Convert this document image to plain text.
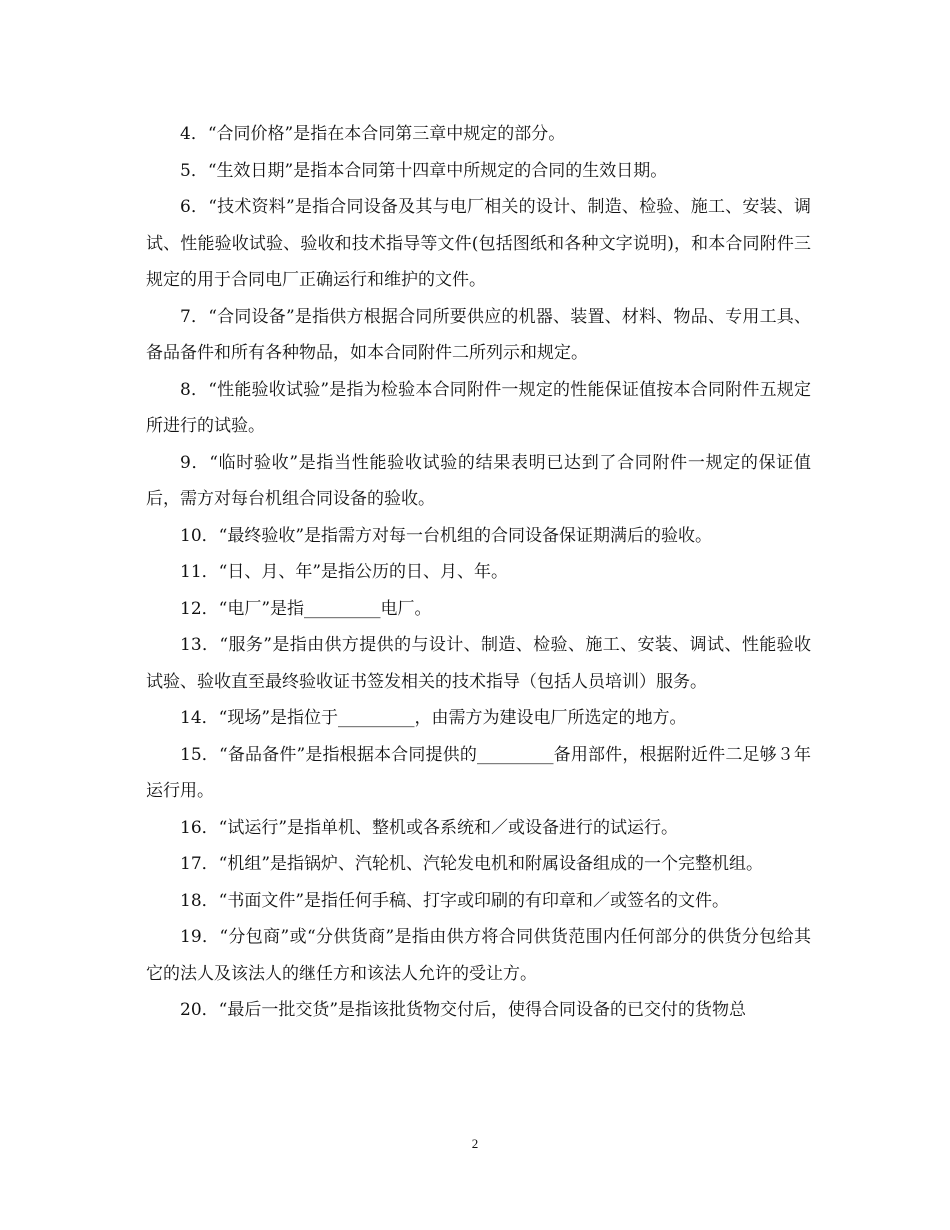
4．“合同价格”是指在本合同第三章中规定的部分。

5．“生效日期”是指本合同第十四章中所规定的合同的生效日期。

6．“技术资料”是指合同设备及其与电厂相关的设计、制造、检验、施工、安装、调试、性能验收试验、验收和技术指导等文件(包括图纸和各种文字说明)，和本合同附件三规定的用于合同电厂正确运行和维护的文件。

7．“合同设备”是指供方根据合同所要供应的机器、装置、材料、物品、专用工具、备品备件和所有各种物品，如本合同附件二所列示和规定。

8．“性能验收试验”是指为检验本合同附件一规定的性能保证值按本合同附件五规定所进行的试验。

9．“临时验收”是指当性能验收试验的结果表明已达到了合同附件一规定的保证值后，需方对每台机组合同设备的验收。

10．“最终验收”是指需方对每一台机组的合同设备保证期满后的验收。

11．“日、月、年”是指公历的日、月、年。

12．“电厂”是指_________电厂。

13．“服务”是指由供方提供的与设计、制造、检验、施工、安装、调试、性能验收试验、验收直至最终验收证书签发相关的技术指导（包括人员培训）服务。

14．“现场”是指位于_________，由需方为建设电厂所选定的地方。

15．“备品备件”是指根据本合同提供的_________备用部件，根据附近件二足够３年运行用。

16．“试运行”是指单机、整机或各系统和／或设备进行的试运行。

17．“机组”是指锅炉、汽轮机、汽轮发电机和附属设备组成的一个完整机组。

18．“书面文件”是指任何手稿、打字或印刷的有印章和／或签名的文件。

19．“分包商”或“分供货商”是指由供方将合同供货范围内任何部分的供货分包给其它的法人及该法人的继任方和该法人允许的受让方。

20．“最后一批交货”是指该批货物交付后，使得合同设备的已交付的货物总

2
